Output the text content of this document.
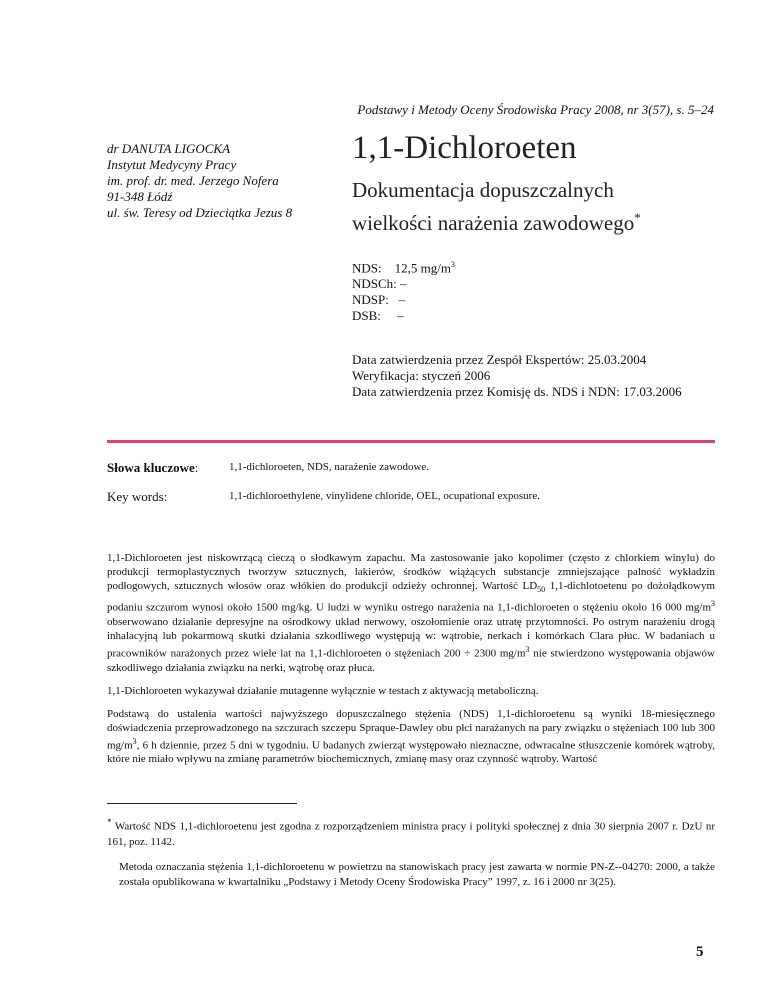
Podstawy i Metody Oceny Środowiska Pracy 2008, nr 3(57), s. 5–24
dr DANUTA LIGOCKA
Instytut Medycyny Pracy
im. prof. dr. med. Jerzego Nofera
91-348 Łódź
ul. św. Teresy od Dzieciątka Jezus 8
1,1-Dichloroeten
Dokumentacja dopuszczalnych
wielkości narażenia zawodowego*
NDS: 12,5 $mg/m^3$
NDSCh: –
NDSP: –
DSB: –
Data zatwierdzenia przez Zespół Ekspertów: 25.03.2004
Weryfikacja: styczeń 2006
Data zatwierdzenia przez Komisję ds. NDS i NDN: 17.03.2006
Słowa kluczowe:	1,1-dichloroeten, NDS, narażenie zawodowe.
Key words:	1,1-dichloroethylene, vinylidene chloride, OEL, ocupational exposure.

1,1-Dichloroeten jest niskowrzącą cieczą o słodkawym zapachu. Ma zastosowanie jako kopolimer (często z chlorkiem winylu) do produkcji termoplastycznych tworzyw sztucznych, lakierów, środków wiążących substancje zmniejszające palność wykładzin podłogowych, sztucznych włosów oraz włókien do produkcji odzieży ochronnej. Wartość $LD_{50}$ 1,1-dichlotoetenu po dożołądkowym podaniu szczurom wynosi około 1500 mg/kg. U ludzi w wyniku ostrego narażenia na 1,1-dichloroeten o stężeniu około 16 000 $mg/m^3$ obserwowano działanie depresyjne na ośrodkowy układ nerwowy, oszołomienie oraz utratę przytomności. Po ostrym narażeniu drogą inhalacyjną lub pokarmową skutki działania szkodliwego występują w: wątrobie, nerkach i komórkach Clara płuc. W badaniach u pracowników narażonych przez wiele lat na 1,1-dichloroeten o stężeniach 200 ÷ 2300 $mg/m^3$ nie stwierdzono występowania objawów szkodliwego działania związku na nerki, wątrobę oraz płuca.

1,1-Dichloroeten wykazywał działanie mutagenne wyłącznie w testach z aktywacją metaboliczną.

Podstawą do ustalenia wartości najwyższego dopuszczalnego stężenia (NDS) 1,1-dichloroetenu są wyniki 18-miesięcznego doświadczenia przeprowadzonego na szczurach szczepu Spraque-Dawley obu płci narażanych na pary związku o stężeniach 100 lub 300 $mg/m^3$, 6 h dziennie, przez 5 dni w tygodniu. U badanych zwierząt występowało nieznaczne, odwracalne stłuszczenie komórek wątroby, które nie miało wpływu na zmianę parametrów biochemicznych, zmianę masy oraz czynność wątroby. Wartość

* Wartość NDS 1,1-dichloroetenu jest zgodna z rozporządzeniem ministra pracy i polityki społecznej z dnia 30 sierpnia 2007 r. DzU nr 161, poz. 1142.

Metoda oznaczania stężenia 1,1-dichloroetenu w powietrzu na stanowiskach pracy jest zawarta w normie PN-Z--04270: 2000, a także została opublikowana w kwartalniku „Podstawy i Metody Oceny Środowiska Pracy” 1997, z. 16 i 2000 nr 3(25).

5
